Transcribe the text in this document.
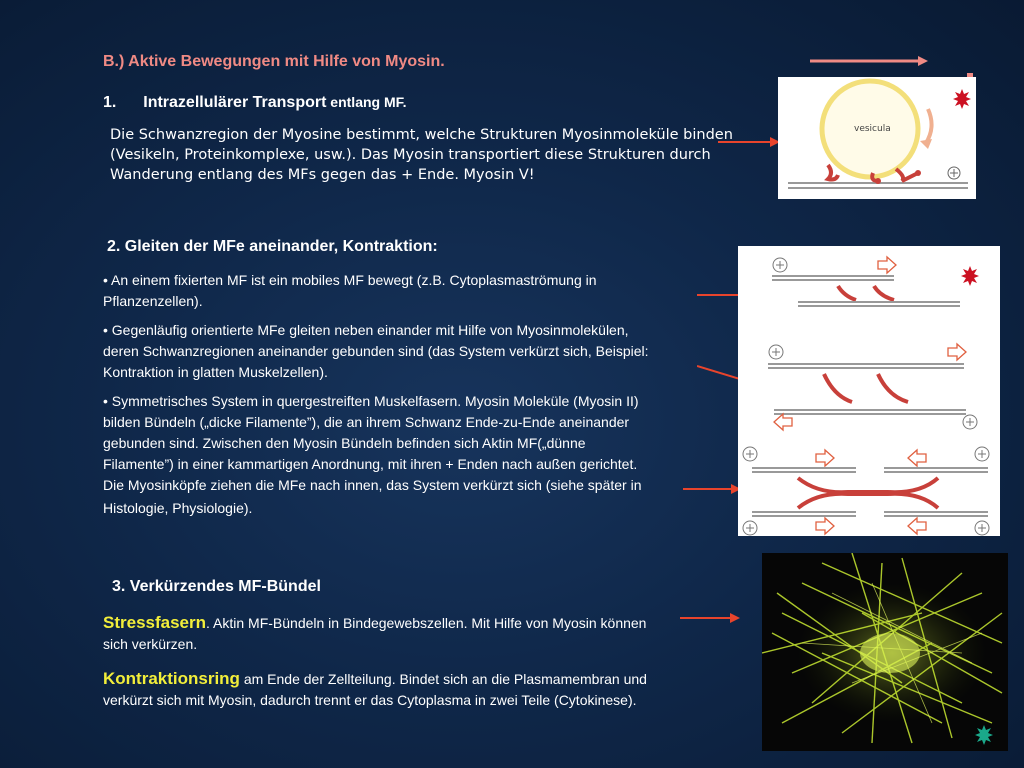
B.) Aktive Bewegungen mit Hilfe von Myosin.
1. Intrazellulärer Transport entlang MF.
Die Schwanzregion der Myosine bestimmt, welche Strukturen Myosinmoleküle binden
(Vesikeln, Proteinkomplexe, usw.). Das Myosin transportiert diese Strukturen durch
Wanderung entlang des MFs gegen das + Ende. Myosin V!
vesicula
2. Gleiten der MFe aneinander, Kontraktion:
• An einem fixierten MF ist ein mobiles MF bewegt (z.B. Cytoplasmaströmung in
Pflanzenzellen).
• Gegenläufig orientierte MFe gleiten neben einander mit Hilfe von Myosinmolekülen,
deren Schwanzregionen aneinander gebunden sind (das System verkürzt sich, Beispiel:
Kontraktion in glatten Muskelzellen).
• Symmetrisches System in quergestreiften Muskelfasern. Myosin Moleküle (Myosin II)
bilden Bündeln („dicke Filamente”), die an ihrem Schwanz Ende-zu-Ende aneinander
gebunden sind. Zwischen den Myosin Bündeln befinden sich Aktin MF(„dünne
Filamente”) in einer kammartigen Anordnung, mit ihren + Enden nach außen gerichtet.
Die Myosinköpfe ziehen die MFe nach innen, das System verkürzt sich (siehe später in
Histologie, Physiologie).
3. Verkürzendes MF-Bündel
Stressfasern. Aktin MF-Bündeln in Bindegewebszellen. Mit Hilfe von Myosin können
sich verkürzen.
Kontraktionsring am Ende der Zellteilung. Bindet sich an die Plasmamembran und
verkürzt sich mit Myosin, dadurch trennt er das Cytoplasma in zwei Teile (Cytokinese).
